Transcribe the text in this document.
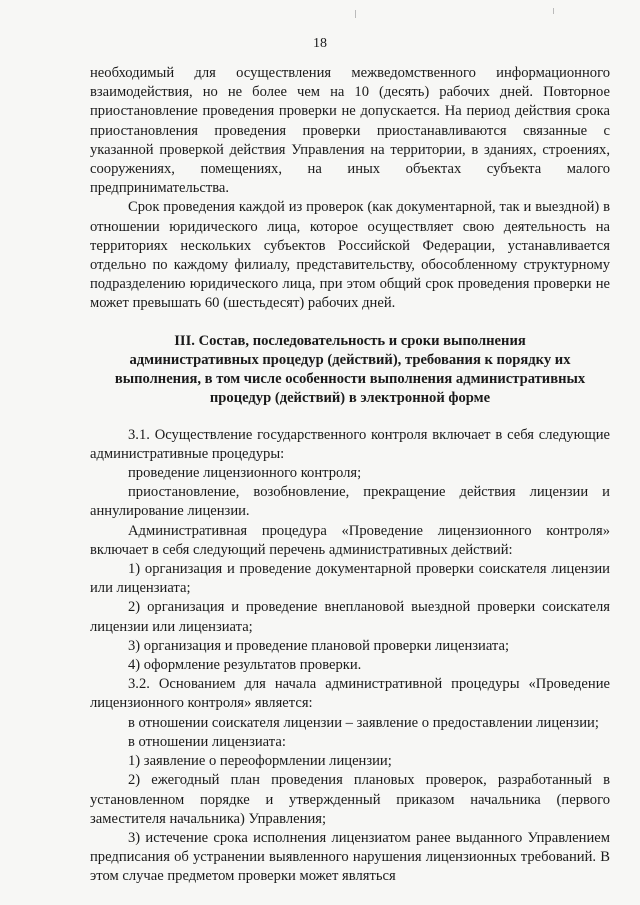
18

необходимый для осуществления межведомственного информационного взаимодействия, но не более чем на 10 (десять) рабочих дней. Повторное приостановление проведения проверки не допускается. На период действия срока приостановления проведения проверки приостанавливаются связанные с указанной проверкой действия Управления на территории, в зданиях, строениях, сооружениях, помещениях, на иных объектах субъекта малого предпринимательства.

Срок проведения каждой из проверок (как документарной, так и выездной) в отношении юридического лица, которое осуществляет свою деятельность на территориях нескольких субъектов Российской Федерации, устанавливается отдельно по каждому филиалу, представительству, обособленному структурному подразделению юридического лица, при этом общий срок проведения проверки не может превышать 60 (шестьдесят) рабочих дней.

III. Состав, последовательность и сроки выполнения административных процедур (действий), требования к порядку их выполнения, в том числе особенности выполнения административных процедур (действий) в электронной форме

3.1. Осуществление государственного контроля включает в себя следующие административные процедуры:

проведение лицензионного контроля;

приостановление, возобновление, прекращение действия лицензии и аннулирование лицензии.

Административная процедура «Проведение лицензионного контроля» включает в себя следующий перечень административных действий:

1) организация и проведение документарной проверки соискателя лицензии или лицензиата;

2) организация и проведение внеплановой выездной проверки соискателя лицензии или лицензиата;

3) организация и проведение плановой проверки лицензиата;

4) оформление результатов проверки.

3.2. Основанием для начала административной процедуры «Проведение лицензионного контроля» является:

в отношении соискателя лицензии – заявление о предоставлении лицензии;

в отношении лицензиата:

1) заявление о переоформлении лицензии;

2) ежегодный план проведения плановых проверок, разработанный в установленном порядке и утвержденный приказом начальника (первого заместителя начальника) Управления;

3) истечение срока исполнения лицензиатом ранее выданного Управлением предписания об устранении выявленного нарушения лицензионных требований. В этом случае предметом проверки может являться
